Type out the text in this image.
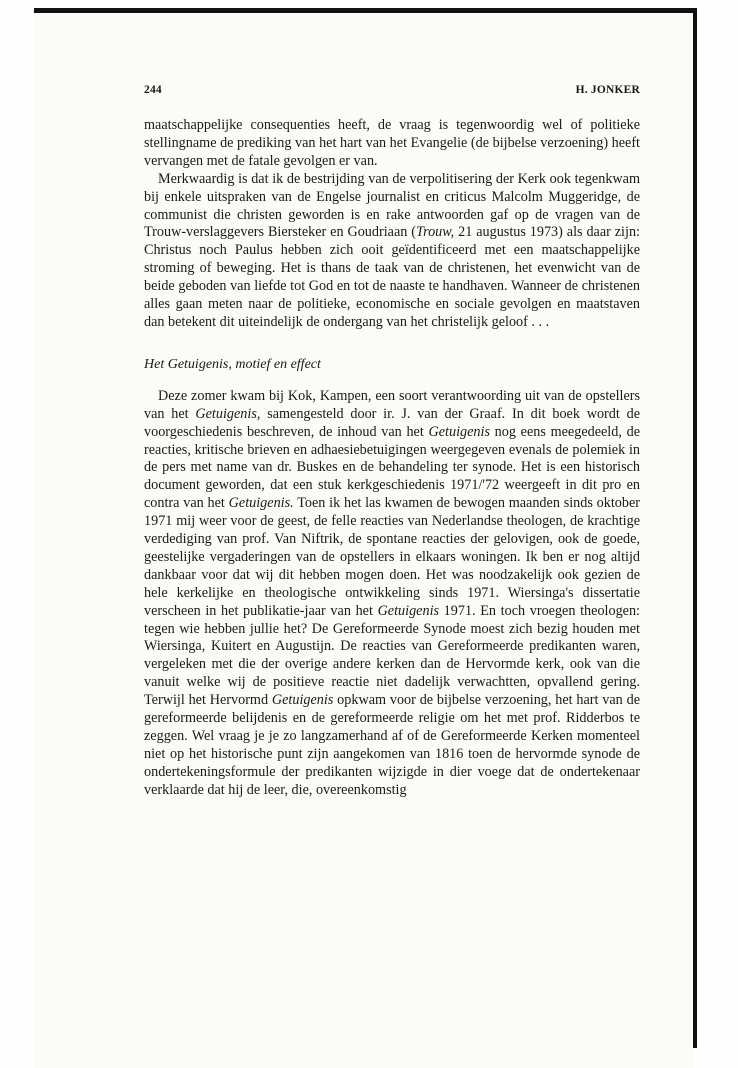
244	H. JONKER

maatschappelijke consequenties heeft, de vraag is tegenwoordig wel of politieke stellingname de prediking van het hart van het Evangelie (de bijbelse verzoening) heeft vervangen met de fatale gevolgen er van.

Merkwaardig is dat ik de bestrijding van de verpolitisering der Kerk ook tegenkwam bij enkele uitspraken van de Engelse journalist en criticus Malcolm Muggeridge, de communist die christen geworden is en rake antwoorden gaf op de vragen van de Trouw-verslaggevers Biersteker en Goudriaan (Trouw, 21 augustus 1973) als daar zijn: Christus noch Paulus hebben zich ooit geïdentificeerd met een maatschappelijke stroming of beweging. Het is thans de taak van de christenen, het evenwicht van de beide geboden van liefde tot God en tot de naaste te handhaven. Wanneer de christenen alles gaan meten naar de politieke, economische en sociale gevolgen en maatstaven dan betekent dit uiteindelijk de ondergang van het christelijk geloof . . .

Het Getuigenis, motief en effect

Deze zomer kwam bij Kok, Kampen, een soort verantwoording uit van de opstellers van het Getuigenis, samengesteld door ir. J. van der Graaf. In dit boek wordt de voorgeschiedenis beschreven, de inhoud van het Getuigenis nog eens meegedeeld, de reacties, kritische brieven en adhaesiebetuigingen weergegeven evenals de polemiek in de pers met name van dr. Buskes en de behandeling ter synode. Het is een historisch document geworden, dat een stuk kerkgeschiedenis 1971/'72 weergeeft in dit pro en contra van het Getuigenis. Toen ik het las kwamen de bewogen maanden sinds oktober 1971 mij weer voor de geest, de felle reacties van Nederlandse theologen, de krachtige verdediging van prof. Van Niftrik, de spontane reacties der gelovigen, ook de goede, geestelijke vergaderingen van de opstellers in elkaars woningen. Ik ben er nog altijd dankbaar voor dat wij dit hebben mogen doen. Het was noodzakelijk ook gezien de hele kerkelijke en theologische ontwikkeling sinds 1971. Wiersinga's dissertatie verscheen in het publikatie-jaar van het Getuigenis 1971. En toch vroegen theologen: tegen wie hebben jullie het? De Gereformeerde Synode moest zich bezig houden met Wiersinga, Kuitert en Augustijn. De reacties van Gereformeerde predikanten waren, vergeleken met die der overige andere kerken dan de Hervormde kerk, ook van die vanuit welke wij de positieve reactie niet dadelijk verwachtten, opvallend gering. Terwijl het Hervormd Getuigenis opkwam voor de bijbelse verzoening, het hart van de gereformeerde belijdenis en de gereformeerde religie om het met prof. Ridderbos te zeggen. Wel vraag je je zo langzamerhand af of de Gereformeerde Kerken momenteel niet op het historische punt zijn aangekomen van 1816 toen de hervormde synode de ondertekeningsformule der predikanten wijzigde in dier voege dat de ondertekenaar verklaarde dat hij de leer, die, overeenkomstig
